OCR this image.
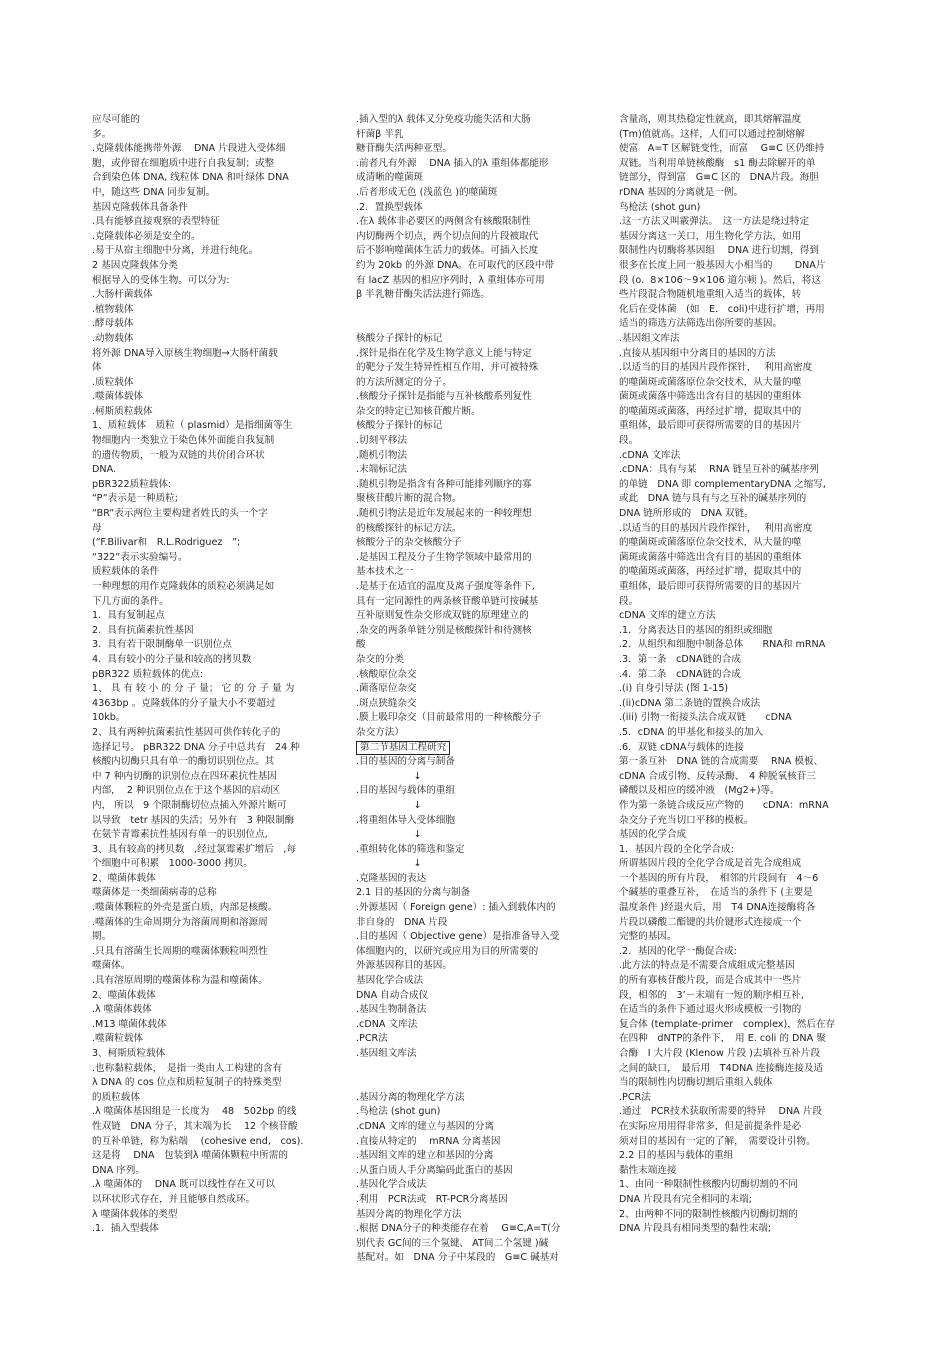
应尽可能的

多。

.克隆载体能携带外源　 DNA 片段进入受体细

胞，或停留在细胞质中进行自我复制；或整

合到染色体 DNA, 线粒体 DNA 和叶绿体 DNA

中，随这些 DNA 同步复制。

基因克隆载体具备条件

.具有能够直接观察的表型特征

.克隆载体必须是安全的。

.易于从宿主细胞中分离，并进行纯化。

2 基因克隆载体分类

根据导入的受体生物。可以分为:

.大肠杆菌载体

.植物载体

.酵母载体

.动物载体

将外源 DNA导入原核生物细胞→大肠杆菌载

体

.质粒载体

.噬菌体载体

.柯斯质粒载体

1、质粒载体　质粒（ plasmid）是指细菌等生

物细胞内一类独立于染色体外面能自我复制

的遗传物质，一般为双链的共价闭合环状

DNA.

pBR322质粒载体:

“P”表示是一种质粒;

“BR”表示两位主要构建者姓氏的头一个字

母

(“F.Bilivar和　R.L.Rodriguez　”;

“322”表示实验编号。

质粒载体的条件

一种理想的用作克隆载体的质粒必须满足如

下几方面的条件。

1.  具有复制起点

2.  具有抗菌素抗性基因

3.  具有若干限制酶单一识别位点

4.  具有较小的分子量和较高的拷贝数

pBR322 质粒载体的优点:

1、 具 有 较 小 的 分 子 量； 它 的 分 子 量 为

4363bp 。克隆载体的分子量大小不要超过

10kb。

2、具有两种抗菌素抗性基因可供作转化子的

选择记号。 pBR322 DNA 分子中总共有　24 种

核酸内切酶只具有单一的酶切识别位点。其

中 7 种内切酶的识别位点在四环素抗性基因

内部，  2 种识别位点在于这个基因的启动区

内， 所以　9 个限制酶切位点插入外源片断可

以导致　tetr 基因的失活；另外有　3 种限制酶

在氨苄青霉素抗性基因有单一的识别位点,

3、具有较高的拷贝数　,经过氯霉素扩增后　,每

个细胞中可积累　1000-3000 拷贝。

2、噬菌体载体

噬菌体是一类细菌病毒的总称

.噬菌体颗粒的外壳是蛋白质，内部是核酸。

.噬菌体的生命周期分为溶菌周期和溶源周

期。

.只具有溶菌生长周期的噬菌体颗粒叫烈性

噬菌体。

.具有溶原周期的噬菌体称为温和噬菌体。

2、噬菌体载体

.λ 噬菌体载体

.M13 噬菌体载体

.噬菌粒载体

3、柯斯质粒载体

.也称黏粒载体，　是指一类由人工构建的含有

λ DNA 的 cos 位点和质粒复制子的特殊类型

的质粒载体

.λ 噬菌体基因组是一长度为　 48　502bp 的线

性双链　DNA 分子，其末端为长　 12 个核苷酸

的互补单链，称为粘端　 (cohesive end,　cos).

这是将　 DNA　包装到λ 噬菌体颗粒中所需的

DNA 序列。

.λ 噬菌体的　 DNA 既可以线性存在又可以

以环状形式存在，并且能够自然成环。

λ 噬菌体载体的类型

.1．插入型载体

.插入型的λ 载体又分免疫功能失活和大肠

杆菌β 半乳

糖苷酶失活两种亚型。

.前者凡有外源　 DNA 插入的λ 重组体都能形

成清晰的噬菌斑

.后者形成无色 (浅蓝色 )的噬菌斑

.2．置换型载体

.在λ 载体非必要区的两侧含有核酸限制性

内切酶两个切点，两个切点间的片段被取代

后不影响噬菌体生活力的载体。可插入长度

约为 20kb 的外源 DNA。在可取代的区段中带

有 lacZ 基因的相应序列时，λ 重组体亦可用

β 半乳糖苷酶失活法进行筛选。

核酸分子探针的标记

.探针是指在化学及生物学意义上能与特定

的靶分子发生特异性相互作用，并可被特殊

的方法所测定的分子。

.核酸分子探针是指能与互补核酸系列复性

杂交的特定已知核苷酸片断。

核酸分子探针的标记

.切刻平移法

.随机引物法

.末端标记法

.随机引物是指含有各种可能排列顺序的寡

聚核苷酸片断的混合物。

.随机引物法是近年发展起来的一种较理想

的核酸探针的标记方法。

核酸分子的杂交核酸分子

.是基因工程及分子生物学领域中最常用的

基本技术之一

.是基于在适宜的温度及离子强度等条件下,

具有一定同源性的两条核苷酸单链可按碱基

互补原则复性杂交形成双链的原理建立的

.杂交的两条单链分别是核酸探针和待测核

酸

杂交的分类

.核酸原位杂交

.菌落原位杂交

.斑点狭缝杂交

.膜上吸印杂交（目前最常用的一种核酸分子

杂交方法）

第二节基因工程研究

.目的基因的分离与制备

　　　　　　↓

.目的基因与载体的重组

　　　　　　↓

.将重组体导入受体细胞

　　　　　　↓

.重组转化体的筛选和鉴定

　　　　　　↓

.克隆基因的表达

2.1 目的基因的分离与制备

.外源基因（ Foreign gene）: 插入到载体内的

非自身的　DNA 片段

.目的基因（ Objective gene）是指准备导入受

体细胞内的，以研究或应用为目的所需要的

外源基因称目的基因。

基因化学合成法

DNA 自动合成仪

.基因生物制备法

.cDNA 文库法

.PCR法

.基因组文库法

.基因分离的物理化学方法

.鸟枪法 (shot gun)

.cDNA 文库的建立与基因的分离

.直接从特定的　 mRNA 分离基因

.基因组文库的建立和基因的分离

.从蛋白质人手分离编码此蛋白的基因

.基因化学合成法

.利用　PCR法或　RT-PCR分离基因

基因分离的物理化学方法

.根据 DNA分子的种类能存在着　 G≡C,A=T(分

别代表 GC间的三个氢键、 AT间二个氢键 )碱

基配对。如　DNA 分子中某段的　G≡C 碱基对

含量高，则其热稳定性就高，即其熔解温度

(Tm)值就高。这样，人们可以通过控制熔解

使富　A=T 区解链变性，而富　 G≡C 区仍维持

双链。当利用单链核酸酶　s1 酶去除解开的单

链部分，得到富　G≡C 区的　DNA片段。海胆

rDNA 基因的分离就是一例。

鸟枪法 (shot gun)

.这一方法又叫霰弹法。　这一方法是绕过特定

基因分离这一关口，用生物化学方法，如用

限制性内切酶将基因组　 DNA 进行切割，得到

很多在长度上同一般基因大小相当的　　 DNA片

段 (o.  8×106～9×106 道尔顿 )。然后，将这

些片段混合物随机地重组入适当的载体，转

化后在受体菌　(如　E.　coli)中进行扩增，再用

适当的筛选方法筛选出你所要的基因。

.基因组文库法

.直接从基因组中分离目的基因的方法

.以适当的目的基因片段作探针，　 利用高密度

的噬菌斑或菌落原位杂交技术，从大量的噬

菌斑或菌落中筛选出含有目的基因的重组体

的噬菌斑或菌落，再经过扩增，提取其中的

重组体，最后即可获得所需要的目的基因片

段。

.cDNA 文库法

.cDNA：具有与某　 RNA 链呈互补的碱基序列

的单链　DNA 即 complementaryDNA 之缩写,

或此　DNA 链与具有与之互补的碱基序列的

DNA 链所形成的　DNA 双链。

.以适当的目的基因片段作探针，　 利用高密度

的噬菌斑或菌落原位杂交技术，从大量的噬

菌斑或菌落中筛选出含有目的基因的重组体

的噬菌斑或菌落，再经过扩增，提取其中的

重组体，最后即可获得所需要的目的基因片

段。

cDNA 文库的建立方法

.1．分离表达目的基因的组织或细胞

.2．从组织和细胞中制备总体　　RNA和 mRNA

.3．第一条　cDNA链的合成

.4．第二条　cDNA链的合成

.(i) 自身引导法 (图 1-15)

.(ii)cDNA 第二条链的置换合成法

.(iii) 引物一衔接头法合成双链　　cDNA

.5．cDNA 的甲基化和接头的加入

.6．双链 cDNA与载体的连接

第一条互补　DNA 链的合成需要　 RNA 模板、

cDNA 合成引物、反转录酶、　4 种脱氧核苷三

磷酸以及相应的缓冲液　(Mg2+)等。

作为第一条链合成反应产物的　　cDNA：mRNA

杂交分子充当切口平移的模板。

基因的化学合成

1．基因片段的全化学合成:

所谓基因片段的全化学合成是首先合成组成

一个基因的所有片段，　相邻的片段间有　4～6

个碱基的重叠互补，　在适当的条件下 (主要是

温度条件 )经退火后，用　T4 DNA连接酶将各

片段以磷酸二酯键的共价键形式连接成一个

完整的基因。

.2．基因的化学一酶促合成:

.此方法的特点是不需要合成组成完整基因

的所有寡核苷酸片段，而是合成其中一些片

段，相邻的　3’－末端有一短的顺序相互补,

在适当的条件下通过退火形成模板一引物的

复合体 (template-primer　complex)，然后在存

在四种　dNTP的条件下，　用 E. coli 的 DNA 聚

合酶　I 大片段 (Klenow 片段 )去填补互补片段

之间的缺口，　最后用　T4DNA 连接酶连接及适

当的限制性内切酶切割后重组入载体

.PCR法

.通过　PCR技术获取所需要的特异　 DNA 片段

在实际应用用得非常多，但是前提条件是必

须对目的基因有一定的了解，　需要设计引物。

2.2 目的基因与载体的重组

黏性末端连接

1、由同一种限制性核酸内切酶切割的不同

DNA 片段具有完全相同的末端;

2、由两种不同的限制性核酸内切酶切割的

DNA 片段具有相同类型的黏性末端;
